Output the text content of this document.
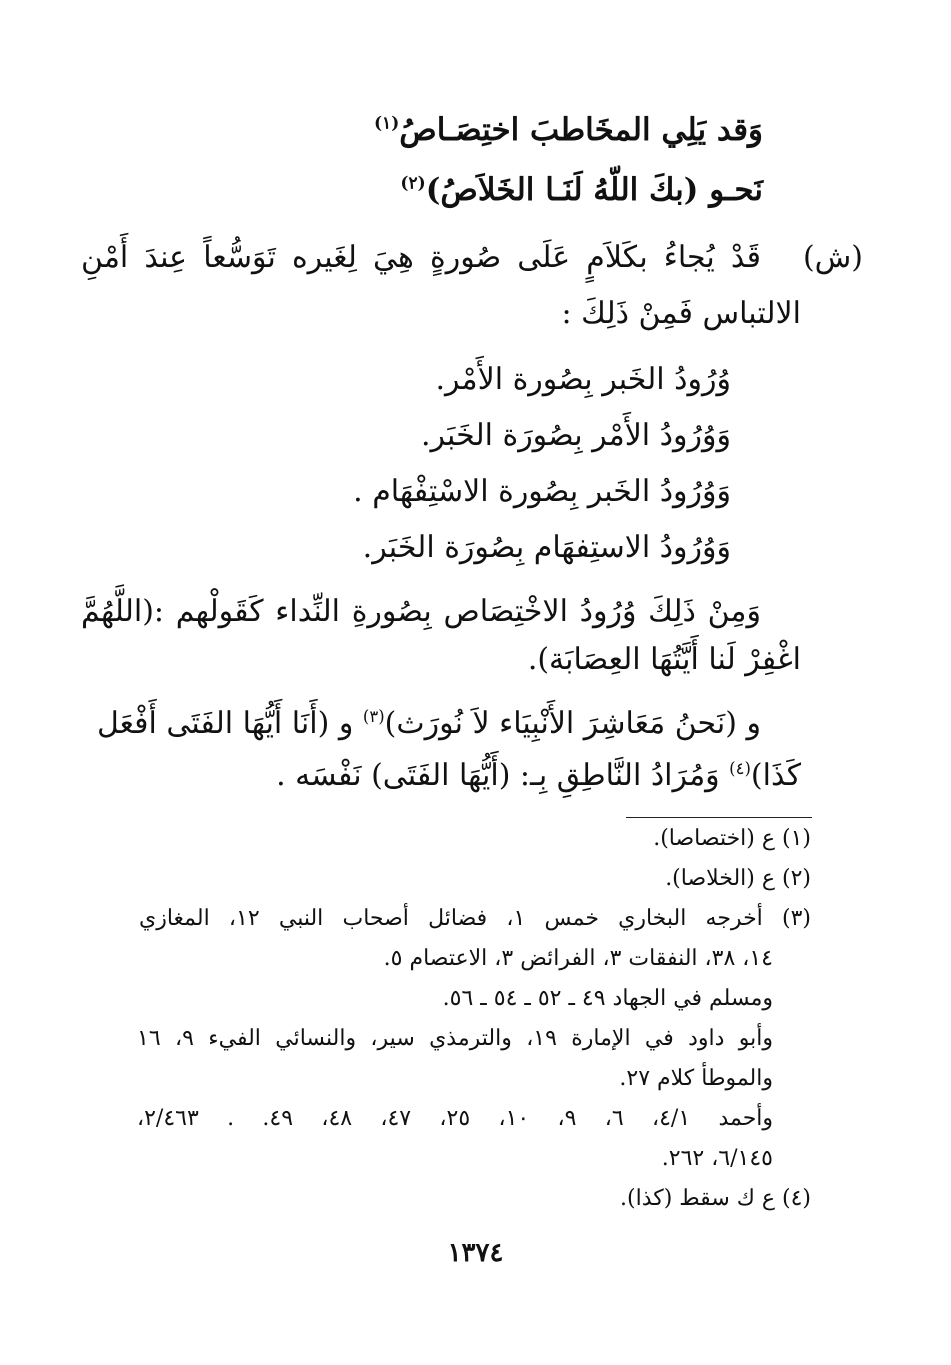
وَقد يَلِي المخَاطبَ اختِصَـاصُ$^{(١)}$
نَحـو (بكَ اللّهُ لَنَـا الخَلاَصُ)$^{(٢)}$
(ش)
قَدْ يُجاءُ بكَلاَمٍ عَلَى صُورةٍ هِيَ لِغَيره تَوَسُّعاً عِندَ أَمْنِ
الالتباس فَمِنْ ذَلِكَ :
وُرُودُ الخَبر بِصُورة الأَمْر.
وَوُرُودُ الأَمْر بِصُورَة الخَبَر.
وَوُرُودُ الخَبر بِصُورة الاسْتِفْهَام .
وَوُرُودُ الاستِفهَام بِصُورَة الخَبَر.
وَمِنْ ذَلِكَ وُرُودُ الاخْتِصَاص بِصُورةِ النِّداء كَقَولْهم :(اللَّهُمَّ
اغْفِرْ لَنا أَيَّتُهَا العِصَابَة).
و (نَحنُ مَعَاشِرَ الأَنْبِيَاء لاَ نُورَث)$^{(٣)}$ و (أَنَا أَيُّهَا الفَتَى أَفْعَل
كَذَا)$^{(٤)}$ وَمُرَادُ النَّاطِقِ بِـ: (أَيُّهَا الفَتَى) نَفْسَه .
(١) ع (اختصاصا).
(٢) ع (الخلاصا).
(٣) أخرجه البخاري خمس ١، فضائل أصحاب النبي ١٢، المغازي
١٤، ٣٨، النفقات ٣، الفرائض ٣، الاعتصام ٥.
ومسلم في الجهاد ٤٩ ـ ٥٢ ـ ٥٤ ـ ٥٦.
وأبو داود في الإمارة ١٩، والترمذي سير، والنسائي الفيء ٩، ١٦
والموطأ كلام ٢٧.
وأحمد ٤/١، ٦، ٩، ١٠، ٢٥، ٤٧، ٤٨، ٤٩. . ٢/٤٦٣،
٦/١٤٥، ٢٦٢.
(٤) ع ك سقط (كذا).
١٣٧٤
